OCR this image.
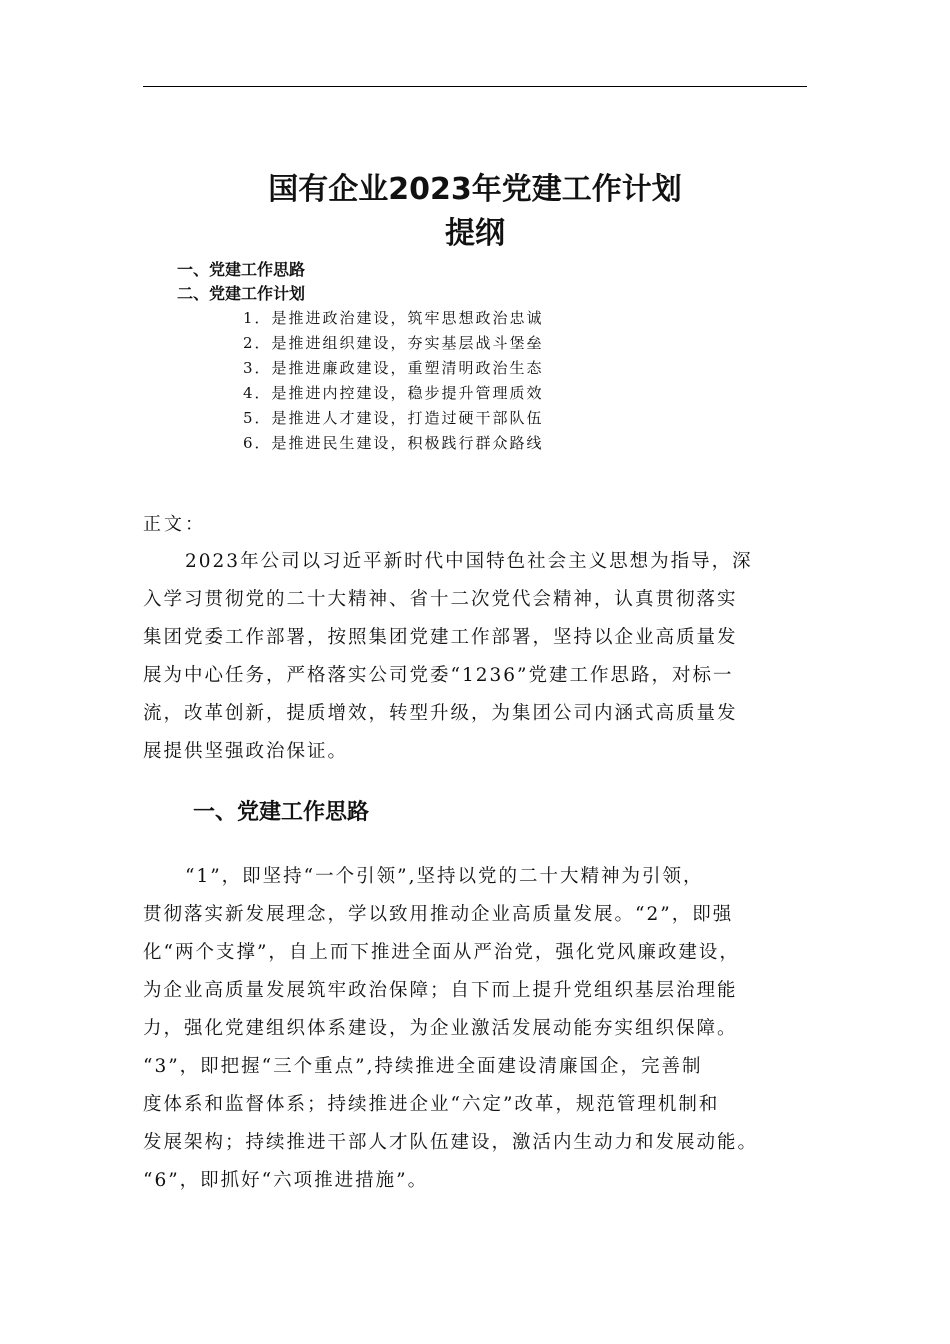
国有企业2023年党建工作计划
提纲
一、党建工作思路
二、党建工作计划
1．是推进政治建设，筑牢思想政治忠诚
2．是推进组织建设，夯实基层战斗堡垒
3．是推进廉政建设，重塑清明政治生态
4．是推进内控建设，稳步提升管理质效
5．是推进人才建设，打造过硬干部队伍
6．是推进民生建设，积极践行群众路线
正文：
2023年公司以习近平新时代中国特色社会主义思想为指导，深
入学习贯彻党的二十大精神、省十二次党代会精神，认真贯彻落实
集团党委工作部署，按照集团党建工作部署，坚持以企业高质量发
展为中心任务，严格落实公司党委“1236”党建工作思路，对标一
流，改革创新，提质增效，转型升级，为集团公司内涵式高质量发
展提供坚强政治保证。
一、党建工作思路
“1”，即坚持“一个引领”,坚持以党的二十大精神为引领，
贯彻落实新发展理念，学以致用推动企业高质量发展。“2”，即强
化“两个支撑”，自上而下推进全面从严治党，强化党风廉政建设，
为企业高质量发展筑牢政治保障；自下而上提升党组织基层治理能
力，强化党建组织体系建设，为企业激活发展动能夯实组织保障。
“3”，即把握“三个重点”,持续推进全面建设清廉国企，完善制
度体系和监督体系；持续推进企业“六定”改革，规范管理机制和
发展架构；持续推进干部人才队伍建设，激活内生动力和发展动能。
“6”，即抓好“六项推进措施”。
